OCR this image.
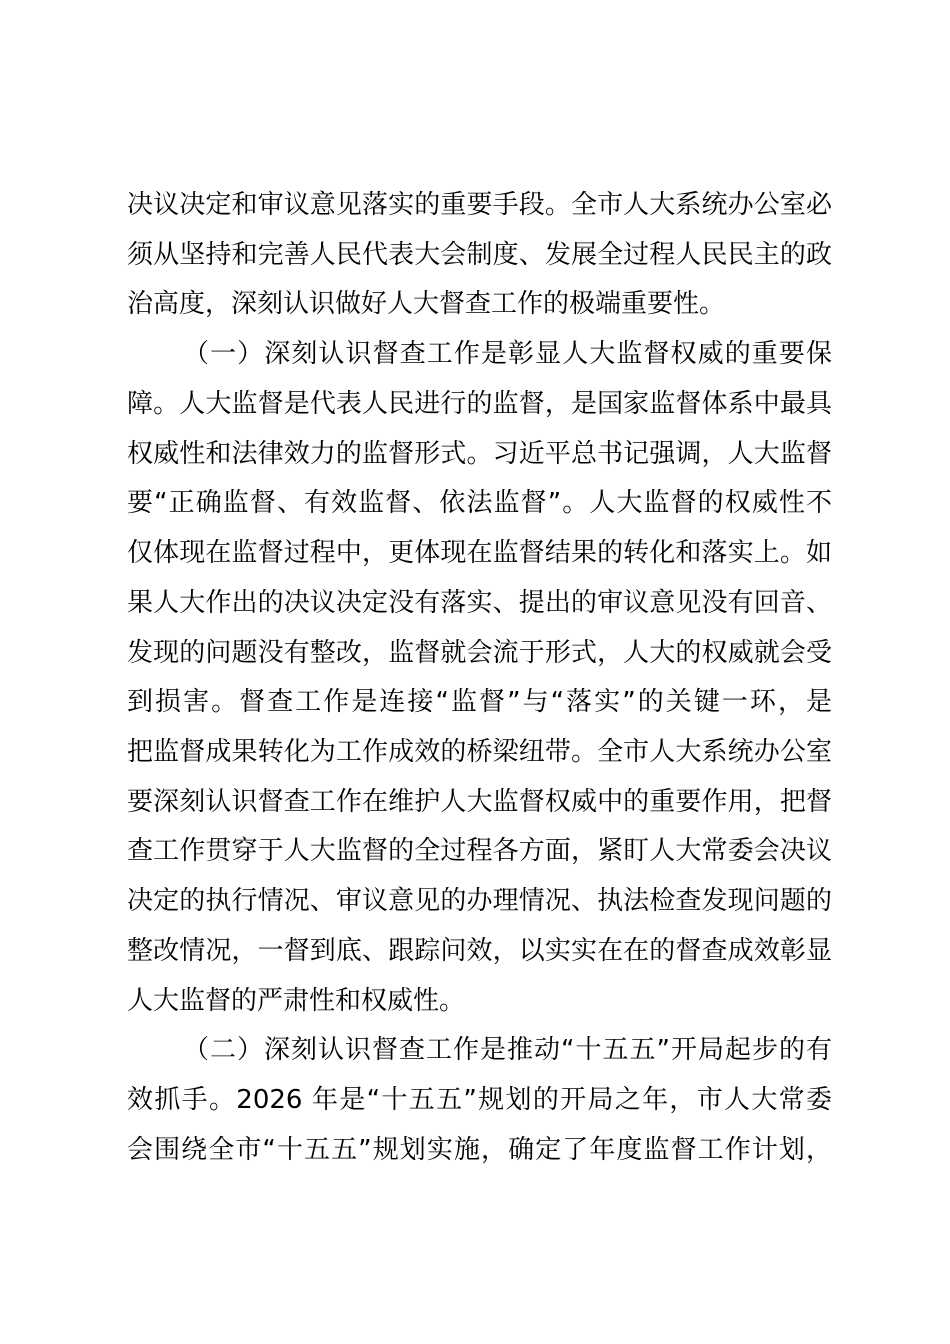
决议决定和审议意见落实的重要手段。全市人大系统办公室必
须从坚持和完善人民代表大会制度、发展全过程人民民主的政
治高度，深刻认识做好人大督查工作的极端重要性。
（一）深刻认识督查工作是彰显人大监督权威的重要保
障。人大监督是代表人民进行的监督，是国家监督体系中最具
权威性和法律效力的监督形式。习近平总书记强调，人大监督
要“正确监督、有效监督、依法监督”。人大监督的权威性不
仅体现在监督过程中，更体现在监督结果的转化和落实上。如
果人大作出的决议决定没有落实、提出的审议意见没有回音、
发现的问题没有整改，监督就会流于形式，人大的权威就会受
到损害。督查工作是连接“监督”与“落实”的关键一环，是
把监督成果转化为工作成效的桥梁纽带。全市人大系统办公室
要深刻认识督查工作在维护人大监督权威中的重要作用，把督
查工作贯穿于人大监督的全过程各方面，紧盯人大常委会决议
决定的执行情况、审议意见的办理情况、执法检查发现问题的
整改情况，一督到底、跟踪问效，以实实在在的督查成效彰显
人大监督的严肃性和权威性。
（二）深刻认识督查工作是推动“十五五”开局起步的有
效抓手。2026 年是“十五五”规划的开局之年，市人大常委
会围绕全市“十五五”规划实施，确定了年度监督工作计划，
